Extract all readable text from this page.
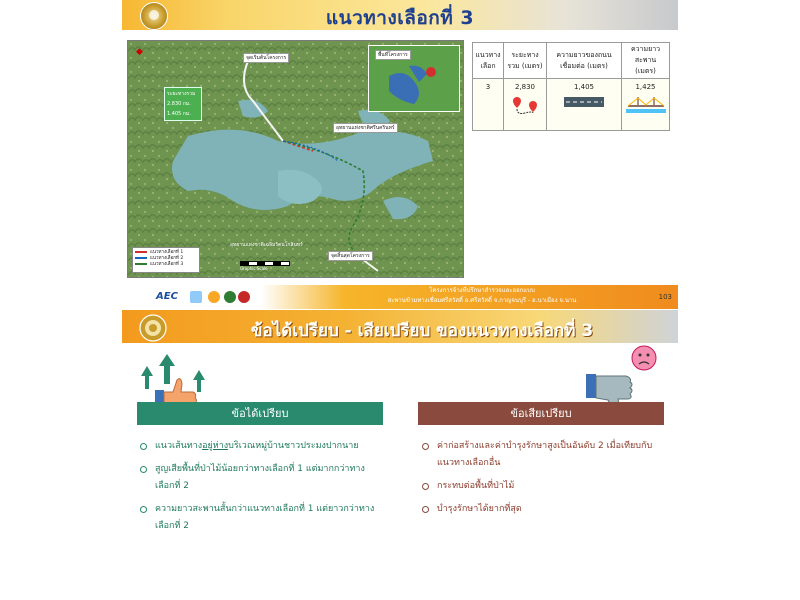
แนวทางเลือกที่ 3
◆
ระยะทางรวม
2.830 กม.
1.405 กม.
พื้นที่โครงการ
จุดเริ่มต้นโครงการ
อุทยานแห่งชาติศรีนครินทร์
อุทยานแห่งชาติเฉลิมรัตนโกสินทร์
จุดสิ้นสุดโครงการ
แนวทางเลือกที่ 1
แนวทางเลือกที่ 2
แนวทางเลือกที่ 3
Graphic Scale
แนวทางเลือก	ระยะทางรวม (เมตร)	ความยาวของถนนเชื่อมต่อ (เมตร)	ความยาวสะพาน (เมตร)
3	2,830	1,405	1,425
AEC
โครงการจ้างที่ปรึกษาสำรวจและออกแบบ
สะพานข้ามทางเชื่อมศรีสวัสดิ์ อ.ศรีสวัสดิ์ จ.กาญจนบุรี - อ.นาเมือง จ.นาน	103
ข้อได้เปรียบ - เสียเปรียบ ของแนวทางเลือกที่ 3
ข้อได้เปรียบ	ข้อเสียเปรียบ
แนวเส้นทางอยู่ห่างบริเวณหมู่บ้านชาวประมงปากนาย
สูญเสียพื้นที่ป่าไม้น้อยกว่าทางเลือกที่ 1 แต่มากกว่าทางเลือกที่ 2
ความยาวสะพานสั้นกว่าแนวทางเลือกที่ 1 แต่ยาวกว่าทางเลือกที่ 2
ค่าก่อสร้างและค่าบำรุงรักษาสูงเป็นอันดับ 2 เมื่อเทียบกับแนวทางเลือกอื่น
กระทบต่อพื้นที่ป่าไม้
บำรุงรักษาได้ยากที่สุด
